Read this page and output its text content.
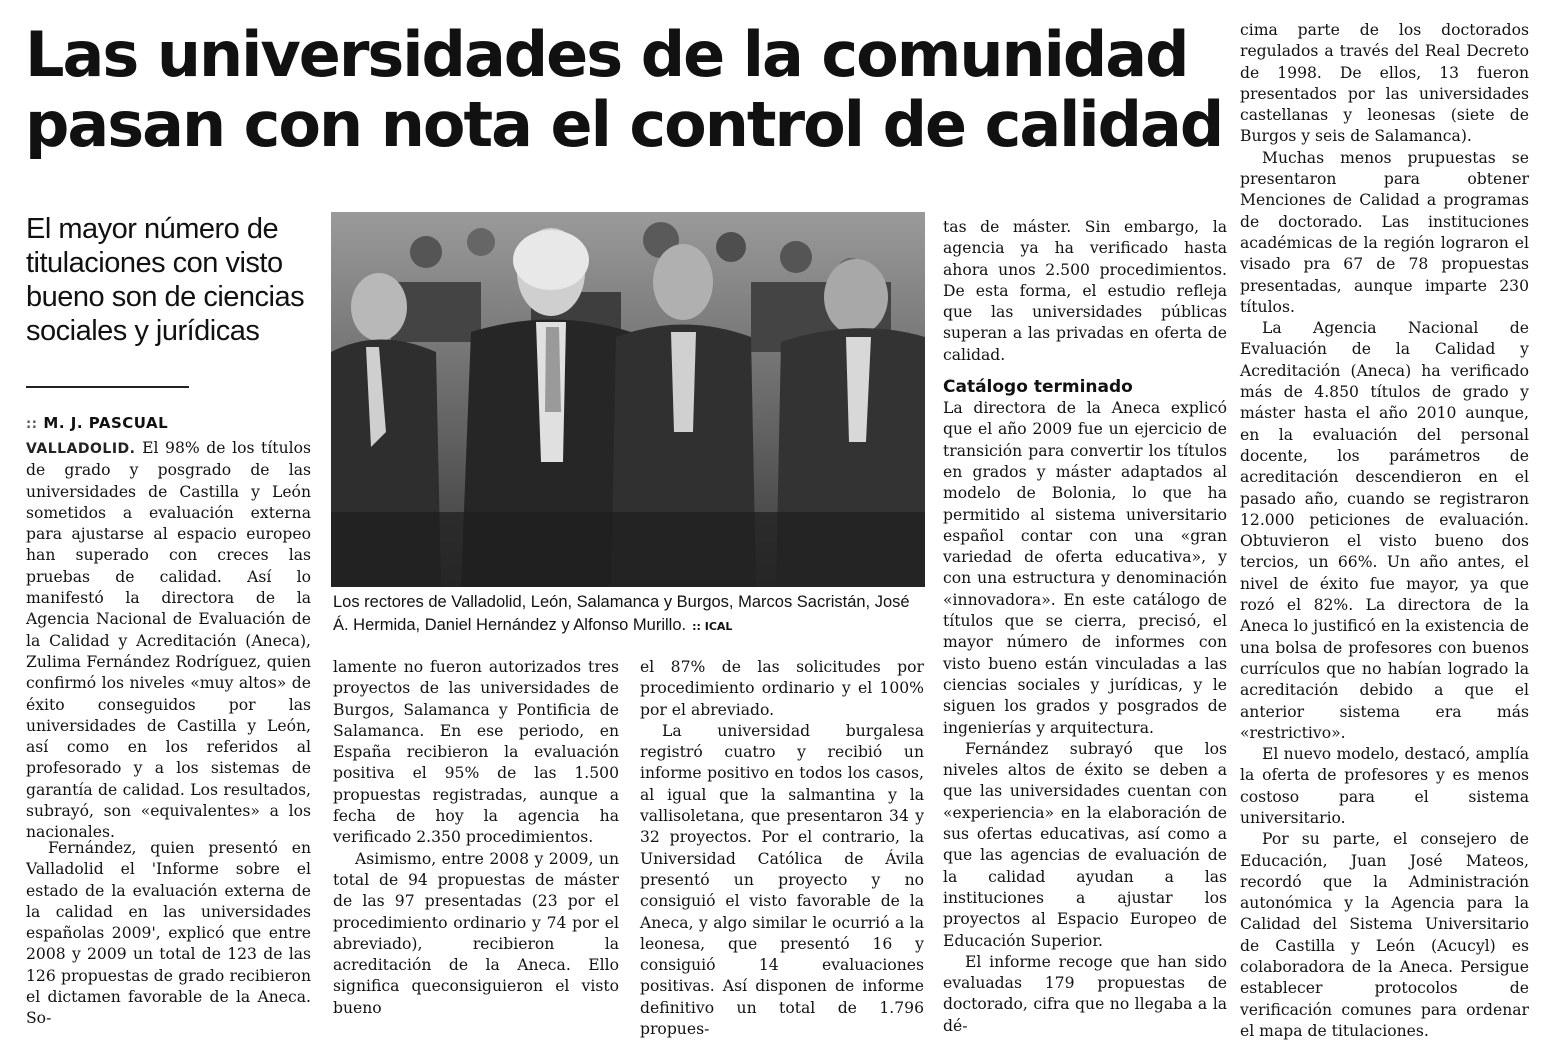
Las universidades de la comunidad
pasan con nota el control de calidad
El mayor número de titulaciones con visto bueno son de ciencias sociales y jurídicas
:: M. J. PASCUAL

VALLADOLID. El 98% de los títulos de grado y posgrado de las universidades de Castilla y León sometidos a evaluación externa para ajustarse al espacio europeo han superado con creces las pruebas de calidad. Así lo manifestó la directora de la Agencia Nacional de Evaluación de la Calidad y Acreditación (Aneca), Zulima Fernández Rodríguez, quien confirmó los niveles «muy altos» de éxito conseguidos por las universidades de Castilla y León, así como en los referidos al profesorado y a los sistemas de garantía de calidad. Los resultados, subrayó, son «equivalentes» a los nacionales.

Fernández, quien presentó en Valladolid el 'Informe sobre el estado de la evaluación externa de la calidad en las universidades españolas 2009', explicó que entre 2008 y 2009 un total de 123 de las 126 propuestas de grado recibieron el dictamen favorable de la Aneca. So-

Los rectores de Valladolid, León, Salamanca y Burgos, Marcos Sacristán, José Á. Hermida, Daniel Hernández y Alfonso Murillo. :: ICAL

lamente no fueron autorizados tres proyectos de las universidades de Burgos, Salamanca y Pontificia de Salamanca. En ese periodo, en España recibieron la evaluación positiva el 95% de las 1.500 propuestas registradas, aunque a fecha de hoy la agencia ha verificado 2.350 procedimientos.

Asimismo, entre 2008 y 2009, un total de 94 propuestas de máster de las 97 presentadas (23 por el procedimiento ordinario y 74 por el abreviado), recibieron la acreditación de la Aneca. Ello significa queconsiguieron el visto bueno

el 87% de las solicitudes por procedimiento ordinario y el 100% por el abreviado.

La universidad burgalesa registró cuatro y recibió un informe positivo en todos los casos, al igual que la salmantina y la vallisoletana, que presentaron 34 y 32 proyectos. Por el contrario, la Universidad Católica de Ávila presentó un proyecto y no consiguió el visto favorable de la Aneca, y algo similar le ocurrió a la leonesa, que presentó 16 y consiguió 14 evaluaciones positivas. Así disponen de informe definitivo un total de 1.796 propues-

tas de máster. Sin embargo, la agencia ya ha verificado hasta ahora unos 2.500 procedimientos. De esta forma, el estudio refleja que las universidades públicas superan a las privadas en oferta de calidad.

Catálogo terminado

La directora de la Aneca explicó que el año 2009 fue un ejercicio de transición para convertir los títulos en grados y máster adaptados al modelo de Bolonia, lo que ha permitido al sistema universitario español contar con una «gran variedad de oferta educativa», y con una estructura y denominación «innovadora». En este catálogo de títulos que se cierra, precisó, el mayor número de informes con visto bueno están vinculadas a las ciencias sociales y jurídicas, y le siguen los grados y posgrados de ingenierías y arquitectura.

Fernández subrayó que los niveles altos de éxito se deben a que las universidades cuentan con «experiencia» en la elaboración de sus ofertas educativas, así como a que las agencias de evaluación de la calidad ayudan a las instituciones a ajustar los proyectos al Espacio Europeo de Educación Superior.

El informe recoge que han sido evaluadas 179 propuestas de doctorado, cifra que no llegaba a la dé-

cima parte de los doctorados regulados a través del Real Decreto de 1998. De ellos, 13 fueron presentados por las universidades castellanas y leonesas (siete de Burgos y seis de Salamanca).

Muchas menos prupuestas se presentaron para obtener Menciones de Calidad a programas de doctorado. Las instituciones académicas de la región lograron el visado pra 67 de 78 propuestas presentadas, aunque imparte 230 títulos.

La Agencia Nacional de Evaluación de la Calidad y Acreditación (Aneca) ha verificado más de 4.850 títulos de grado y máster hasta el año 2010 aunque, en la evaluación del personal docente, los parámetros de acreditación descendieron en el pasado año, cuando se registraron 12.000 peticiones de evaluación. Obtuvieron el visto bueno dos tercios, un 66%. Un año antes, el nivel de éxito fue mayor, ya que rozó el 82%. La directora de la Aneca lo justificó en la existencia de una bolsa de profesores con buenos currículos que no habían logrado la acreditación debido a que el anterior sistema era más «restrictivo».

El nuevo modelo, destacó, amplía la oferta de profesores y es menos costoso para el sistema universitario.

Por su parte, el consejero de Educación, Juan José Mateos, recordó que la Administración autonómica y la Agencia para la Calidad del Sistema Universitario de Castilla y León (Acucyl) es colaboradora de la Aneca. Persigue establecer protocolos de verificación comunes para ordenar el mapa de titulaciones.
